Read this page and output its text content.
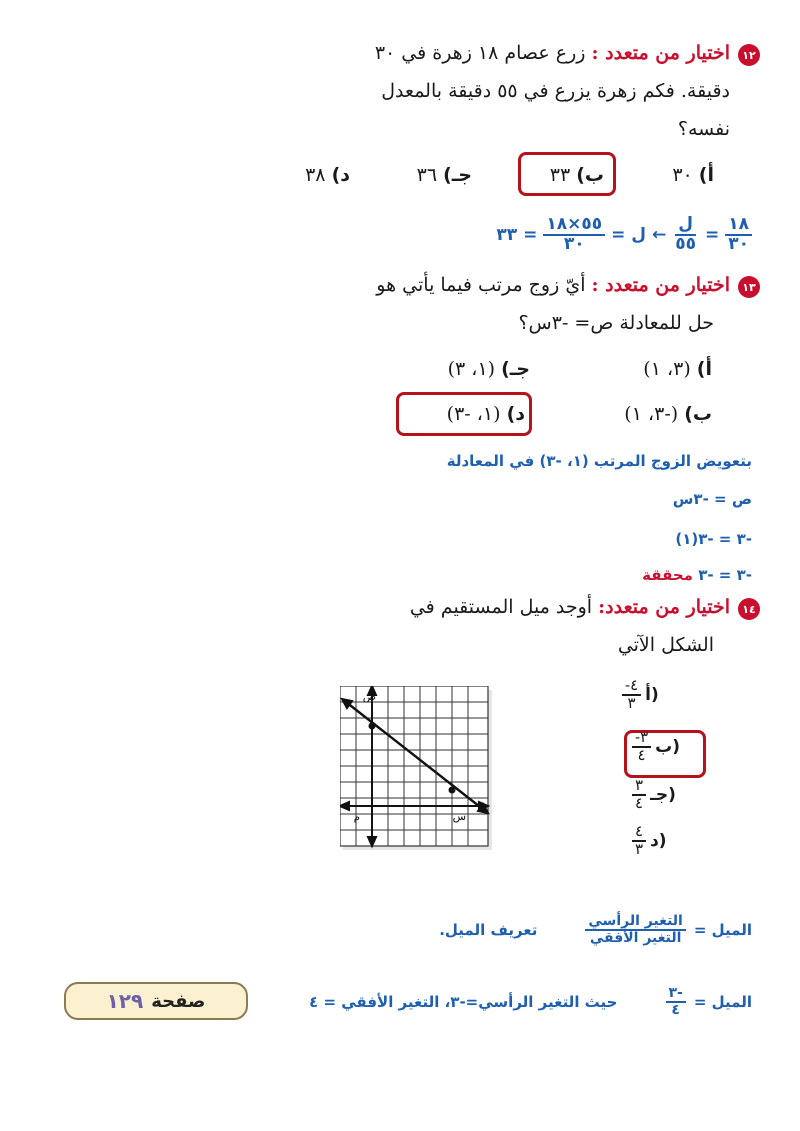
١٢
اختيار من متعدد : زرع عصام ١٨ زهرة في ٣٠
دقيقة. فكم زهرة يزرع في ٥٥ دقيقة بالمعدل
نفسه؟
أ) ٣٠
ب) ٣٣
جـ) ٣٦
د) ٣٨
$\frac{١٨}{٣٠}$
=
$\frac{\text{ل}}{٥٥}$
← ل =
$\frac{٥٥\times ١٨}{٣٠}$
= ٣٣
١٣
اختيار من متعدد : أيّ زوج مرتب فيما يأتي هو
حل للمعادلة ص= -٣س؟
أ) (٣، ١)
جـ) (١، ٣)
ب) (-٣، ١)
د) (١، -٣)
بتعويض الزوج المرتب (١، -٣) في المعادلة
ص = -٣س
-٣ = -٣(١)
-٣ = -٣ محققة
١٤
اختيار من متعدد: أوجد ميل المستقيم في
الشكل الآتي
ص
س
م
$\frac{-٤}{٣}$ أ)
$\frac{-٣}{٤}$ ب)
$\frac{٣}{٤}$ جـ)
$\frac{٤}{٣}$ د)
الميل =
$\frac{\text{التغير الرأسي}}{\text{التغير الأفقي}}$
تعريف الميل.
الميل =
$\frac{-٣}{٤}$
حيث التغير الرأسي=-٣، التغير الأفقي = ٤
صفحة
١٢٩
